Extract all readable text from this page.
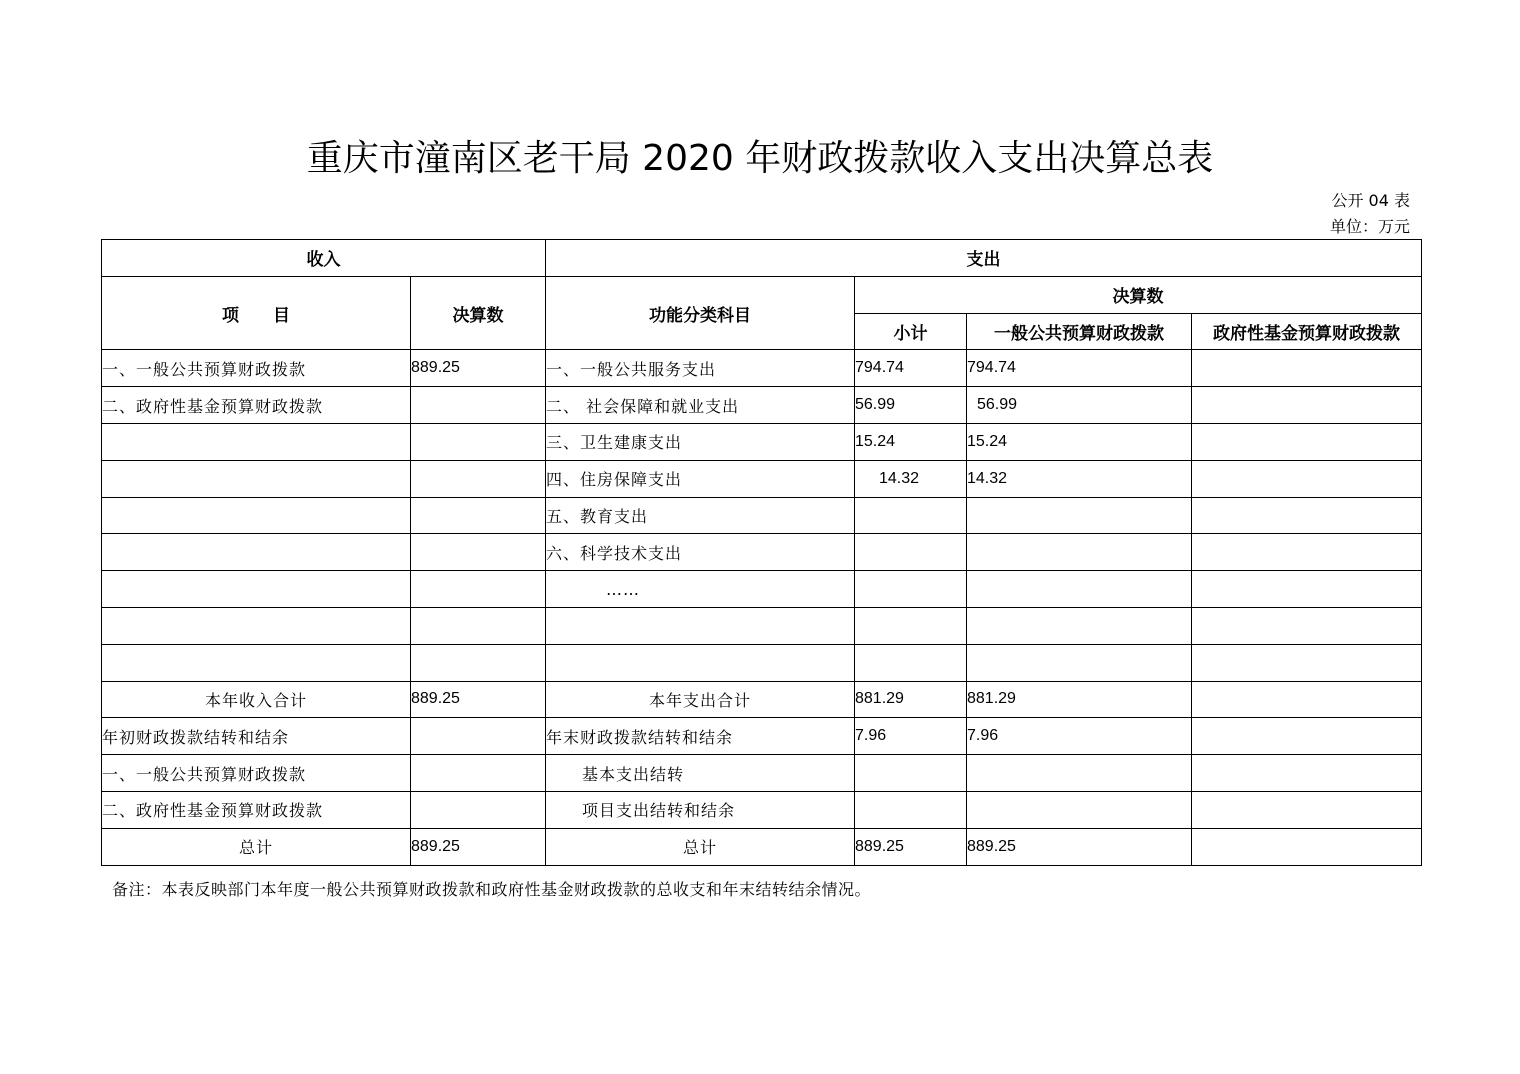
重庆市潼南区老干局 2020 年财政拨款收入支出决算总表
公开 04 表
单位：万元
收入		支出			
项　　目	决算数	功能分类科目	决算数		
			小计	一般公共预算财政拨款	政府性基金预算财政拨款
一、一般公共预算财政拨款	889.25	一、一般公共服务支出	794.74	794.74	
二、政府性基金预算财政拨款		二、 社会保障和就业支出	56.99	56.99	
		三、卫生建康支出	15.24	15.24	
		四、住房保障支出	14.32	14.32	
		五、教育支出			
		六、科学技术支出			
		……			

本年收入合计	889.25	本年支出合计	881.29	881.29	
年初财政拨款结转和结余		年末财政拨款结转和结余	7.96	7.96	
一、一般公共预算财政拨款		基本支出结转			
二、政府性基金预算财政拨款		项目支出结转和结余			
总计	889.25	总计	889.25	889.25	
备注：本表反映部门本年度一般公共预算财政拨款和政府性基金财政拨款的总收支和年末结转结余情况。
